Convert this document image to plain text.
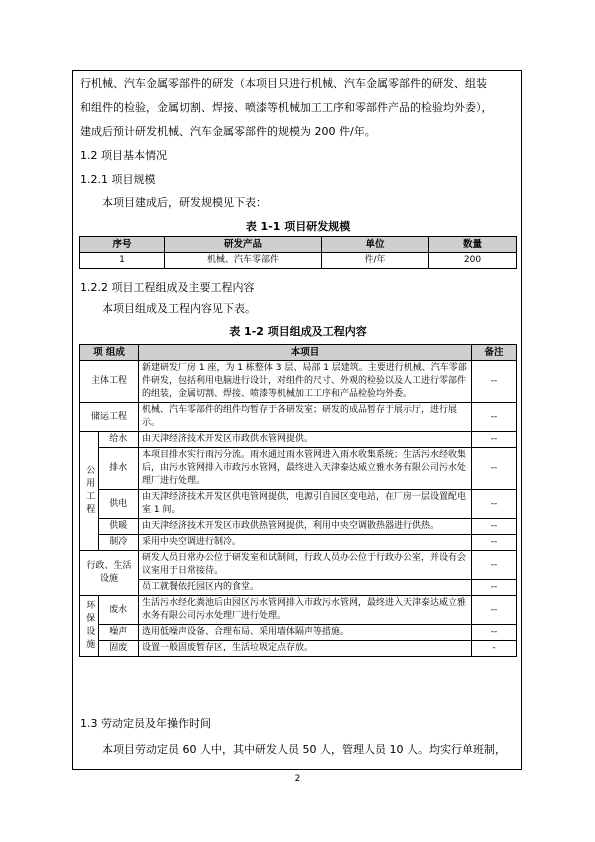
行机械、汽车金属零部件的研发（本项目只进行机械、汽车金属零部件的研发、组装
和组件的检验，金属切割、焊接、喷漆等机械加工工序和零部件产品的检验均外委），
建成后预计研发机械、汽车金属零部件的规模为 200 件/年。
1.2 项目基本情况
1.2.1 项目规模
本项目建成后，研发规模见下表：
表 1-1 项目研发规模
序号	研发产品	单位	数量
1	机械、汽车零部件	件/年	200
1.2.2 项目工程组成及主要工程内容
本项目组成及工程内容见下表。
表 1-2 项目组成及工程内容
项 组成		本项目	备注
主体工程		新建研发厂房 1 座，为 1 栋整体 3 层、局部 1 层建筑。主要进行机械、汽车零部件研发，包括利用电脑进行设计，对组件的尺寸、外观的检验以及人工进行零部件的组装，金属切割、焊接、喷漆等机械加工工序和产品检验均外委。	--
储运工程		机械、汽车零部件的组件均暂存于各研发室；研发的成品暂存于展示厅，进行展示。	--
公用工程	给水	由天津经济技术开发区市政供水管网提供。	--
	排水	本项目排水实行雨污分流。雨水通过雨水管网进入雨水收集系统；生活污水经收集后，由污水管网排入市政污水管网，最终进入天津泰达威立雅水务有限公司污水处理厂进行处理。	--
	供电	由天津经济技术开发区供电管网提供，电源引自园区变电站，在厂房一层设置配电室 1 间。	--
	供暖	由天津经济技术开发区市政供热管网提供，利用中央空调散热器进行供热。	--
	制冷	采用中央空调进行制冷。	--
行政、生活设施		研发人员日常办公位于研发室和试制间，行政人员办公位于行政办公室，并设有会议室用于日常接待。	--
		员工就餐依托园区内的食堂。	--
环保设施	废水	生活污水经化粪池后由园区污水管网排入市政污水管网，最终进入天津泰达威立雅水务有限公司污水处理厂进行处理。	--
	噪声	选用低噪声设备、合理布局、采用墙体隔声等措施。	--
	固废	设置一般固废暂存区，生活垃圾定点存放。	-
1.3 劳动定员及年操作时间
本项目劳动定员 60 人中，其中研发人员 50 人，管理人员 10 人。均实行单班制，
2
